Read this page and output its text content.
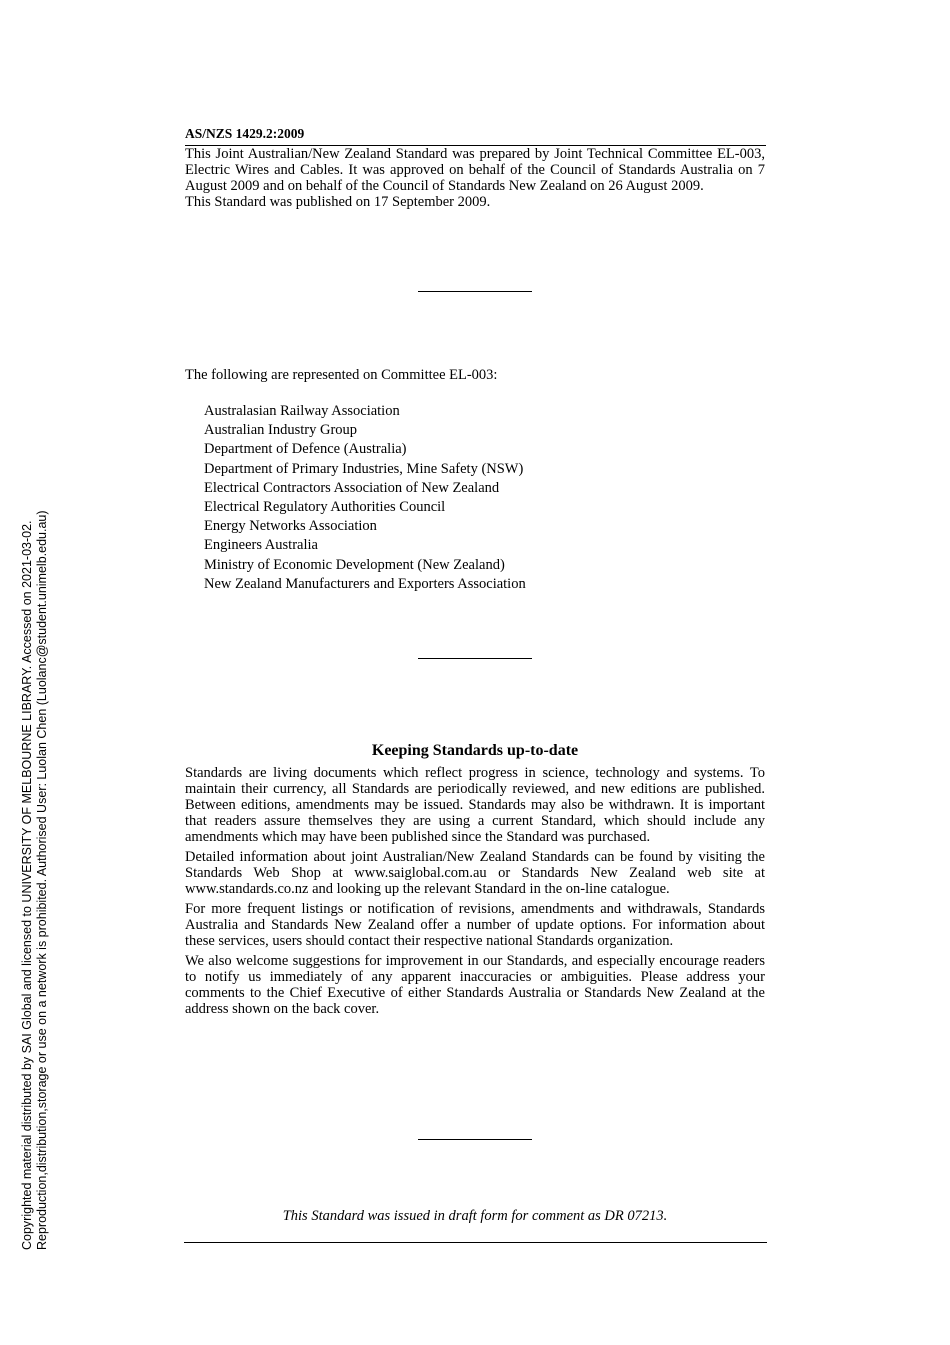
AS/NZS 1429.2:2009

This Joint Australian/New Zealand Standard was prepared by Joint Technical Committee EL-003, Electric Wires and Cables. It was approved on behalf of the Council of Standards Australia on 7 August 2009 and on behalf of the Council of Standards New Zealand on 26 August 2009.

This Standard was published on 17 September 2009.

The following are represented on Committee EL-003:
Australasian Railway Association
Australian Industry Group
Department of Defence (Australia)
Department of Primary Industries, Mine Safety (NSW)
Electrical Contractors Association of New Zealand
Electrical Regulatory Authorities Council
Energy Networks Association
Engineers Australia
Ministry of Economic Development (New Zealand)
New Zealand Manufacturers and Exporters Association
Keeping Standards up-to-date

Standards are living documents which reflect progress in science, technology and systems. To maintain their currency, all Standards are periodically reviewed, and new editions are published. Between editions, amendments may be issued. Standards may also be withdrawn. It is important that readers assure themselves they are using a current Standard, which should include any amendments which may have been published since the Standard was purchased.

Detailed information about joint Australian/New Zealand Standards can be found by visiting the Standards Web Shop at www.saiglobal.com.au or Standards New Zealand web site at www.standards.co.nz and looking up the relevant Standard in the on-line catalogue.

For more frequent listings or notification of revisions, amendments and withdrawals, Standards Australia and Standards New Zealand offer a number of update options. For information about these services, users should contact their respective national Standards organization.

We also welcome suggestions for improvement in our Standards, and especially encourage readers to notify us immediately of any apparent inaccuracies or ambiguities. Please address your comments to the Chief Executive of either Standards Australia or Standards New Zealand at the address shown on the back cover.

This Standard was issued in draft form for comment as DR 07213.
Copyrighted material distributed by SAI Global and licensed to UNIVERSITY OF MELBOURNE LIBRARY. Accessed on 2021-03-02. Reproduction,distribution,storage or use on a network is prohibited. Authorised User: Luolan Chen (Luolanc@student.unimelb.edu.au)
